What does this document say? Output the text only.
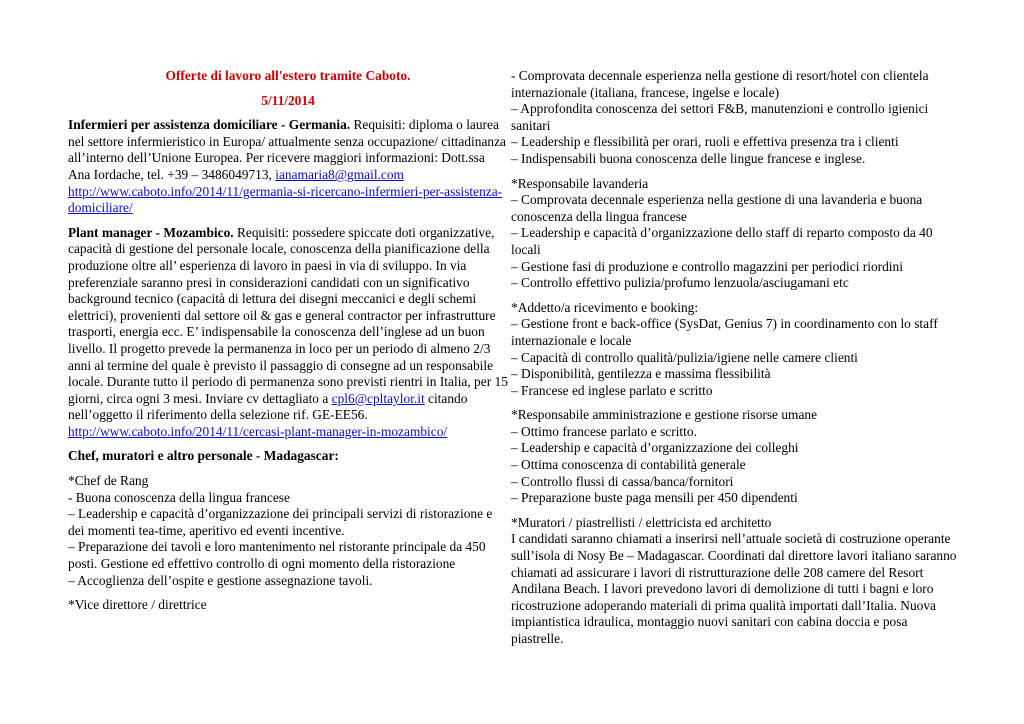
Offerte di lavoro all'estero tramite Caboto.

5/11/2014

Infermieri per assistenza domiciliare - Germania. Requisiti: diploma o laurea nel settore infermieristico in Europa/ attualmente senza occupazione/ cittadinanza all’interno dell’Unione Europea. Per ricevere maggiori informazioni: Dott.ssa Ana Iordache, tel. +39 – 3486049713, ianamaria8@gmail.com http://www.caboto.info/2014/11/germania-si-ricercano-infermieri-per-assistenza-domiciliare/

Plant manager - Mozambico. Requisiti: possedere spiccate doti organizzative, capacità di gestione del personale locale, conoscenza della pianificazione della produzione oltre all’ esperienza di lavoro in paesi in via di sviluppo. In via preferenziale saranno presi in considerazioni candidati con un significativo background tecnico (capacità di lettura dei disegni meccanici e degli schemi elettrici), provenienti dal settore oil & gas e general contractor per infrastrutture trasporti, energia ecc. E’ indispensabile la conoscenza dell’inglese ad un buon livello. Il progetto prevede la permanenza in loco per un periodo di almeno 2/3 anni al termine del quale è previsto il passaggio di consegne ad un responsabile locale. Durante tutto il periodo di permanenza sono previsti rientri in Italia, per 15 giorni, circa ogni 3 mesi. Inviare cv dettagliato a cpl6@cpltaylor.it citando nell’oggetto il riferimento della selezione rif. GE-EE56.
http://www.caboto.info/2014/11/cercasi-plant-manager-in-mozambico/

Chef, muratori e altro personale - Madagascar:

*Chef de Rang
- Buona conoscenza della lingua francese
– Leadership e capacità d’organizzazione dei principali servizi di ristorazione e dei momenti tea-time, aperitivo ed eventi incentive.
– Preparazione dei tavoli e loro mantenimento nel ristorante principale da 450 posti. Gestione ed effettivo controllo di ogni momento della ristorazione
– Accoglienza dell’ospite e gestione assegnazione tavoli.

*Vice direttore / direttrice

- Comprovata decennale esperienza nella gestione di resort/hotel con clientela internazionale (italiana, francese, ingelse e locale)
– Approfondita conoscenza dei settori F&B, manutenzioni e controllo igienici sanitari
– Leadership e flessibilità per orari, ruoli e effettiva presenza tra i clienti
– Indispensabili buona conoscenza delle lingue francese e inglese.

*Responsabile lavanderia
– Comprovata decennale esperienza nella gestione di una lavanderia e buona conoscenza della lingua francese
– Leadership e capacità d’organizzazione dello staff di reparto composto da 40 locali
– Gestione fasi di produzione e controllo magazzini per periodici riordini
– Controllo effettivo pulizia/profumo lenzuola/asciugamani etc

*Addetto/a ricevimento e booking:
– Gestione front e back-office (SysDat, Genius 7) in coordinamento con lo staff internazionale e locale
– Capacità di controllo qualità/pulizia/igiene nelle camere clienti
– Disponibilità, gentilezza e massima flessibilità
– Francese ed inglese parlato e scritto

*Responsabile amministrazione e gestione risorse umane
– Ottimo francese parlato e scritto.
– Leadership e capacità d’organizzazione dei colleghi
– Ottima conoscenza di contabilità generale
– Controllo flussi di cassa/banca/fornitori
– Preparazione buste paga mensili per 450 dipendenti

*Muratori / piastrellisti / elettricista ed architetto
I candidati saranno chiamati a inserirsi nell’attuale società di costruzione operante sull’isola di Nosy Be – Madagascar. Coordinati dal direttore lavori italiano saranno chiamati ad assicurare i lavori di ristrutturazione delle 208 camere del Resort Andilana Beach. I lavori prevedono lavori di demolizione di tutti i bagni e loro ricostruzione adoperando materiali di prima qualità importati dall’Italia. Nuova impiantistica idraulica, montaggio nuovi sanitari con cabina doccia e posa piastrelle.
